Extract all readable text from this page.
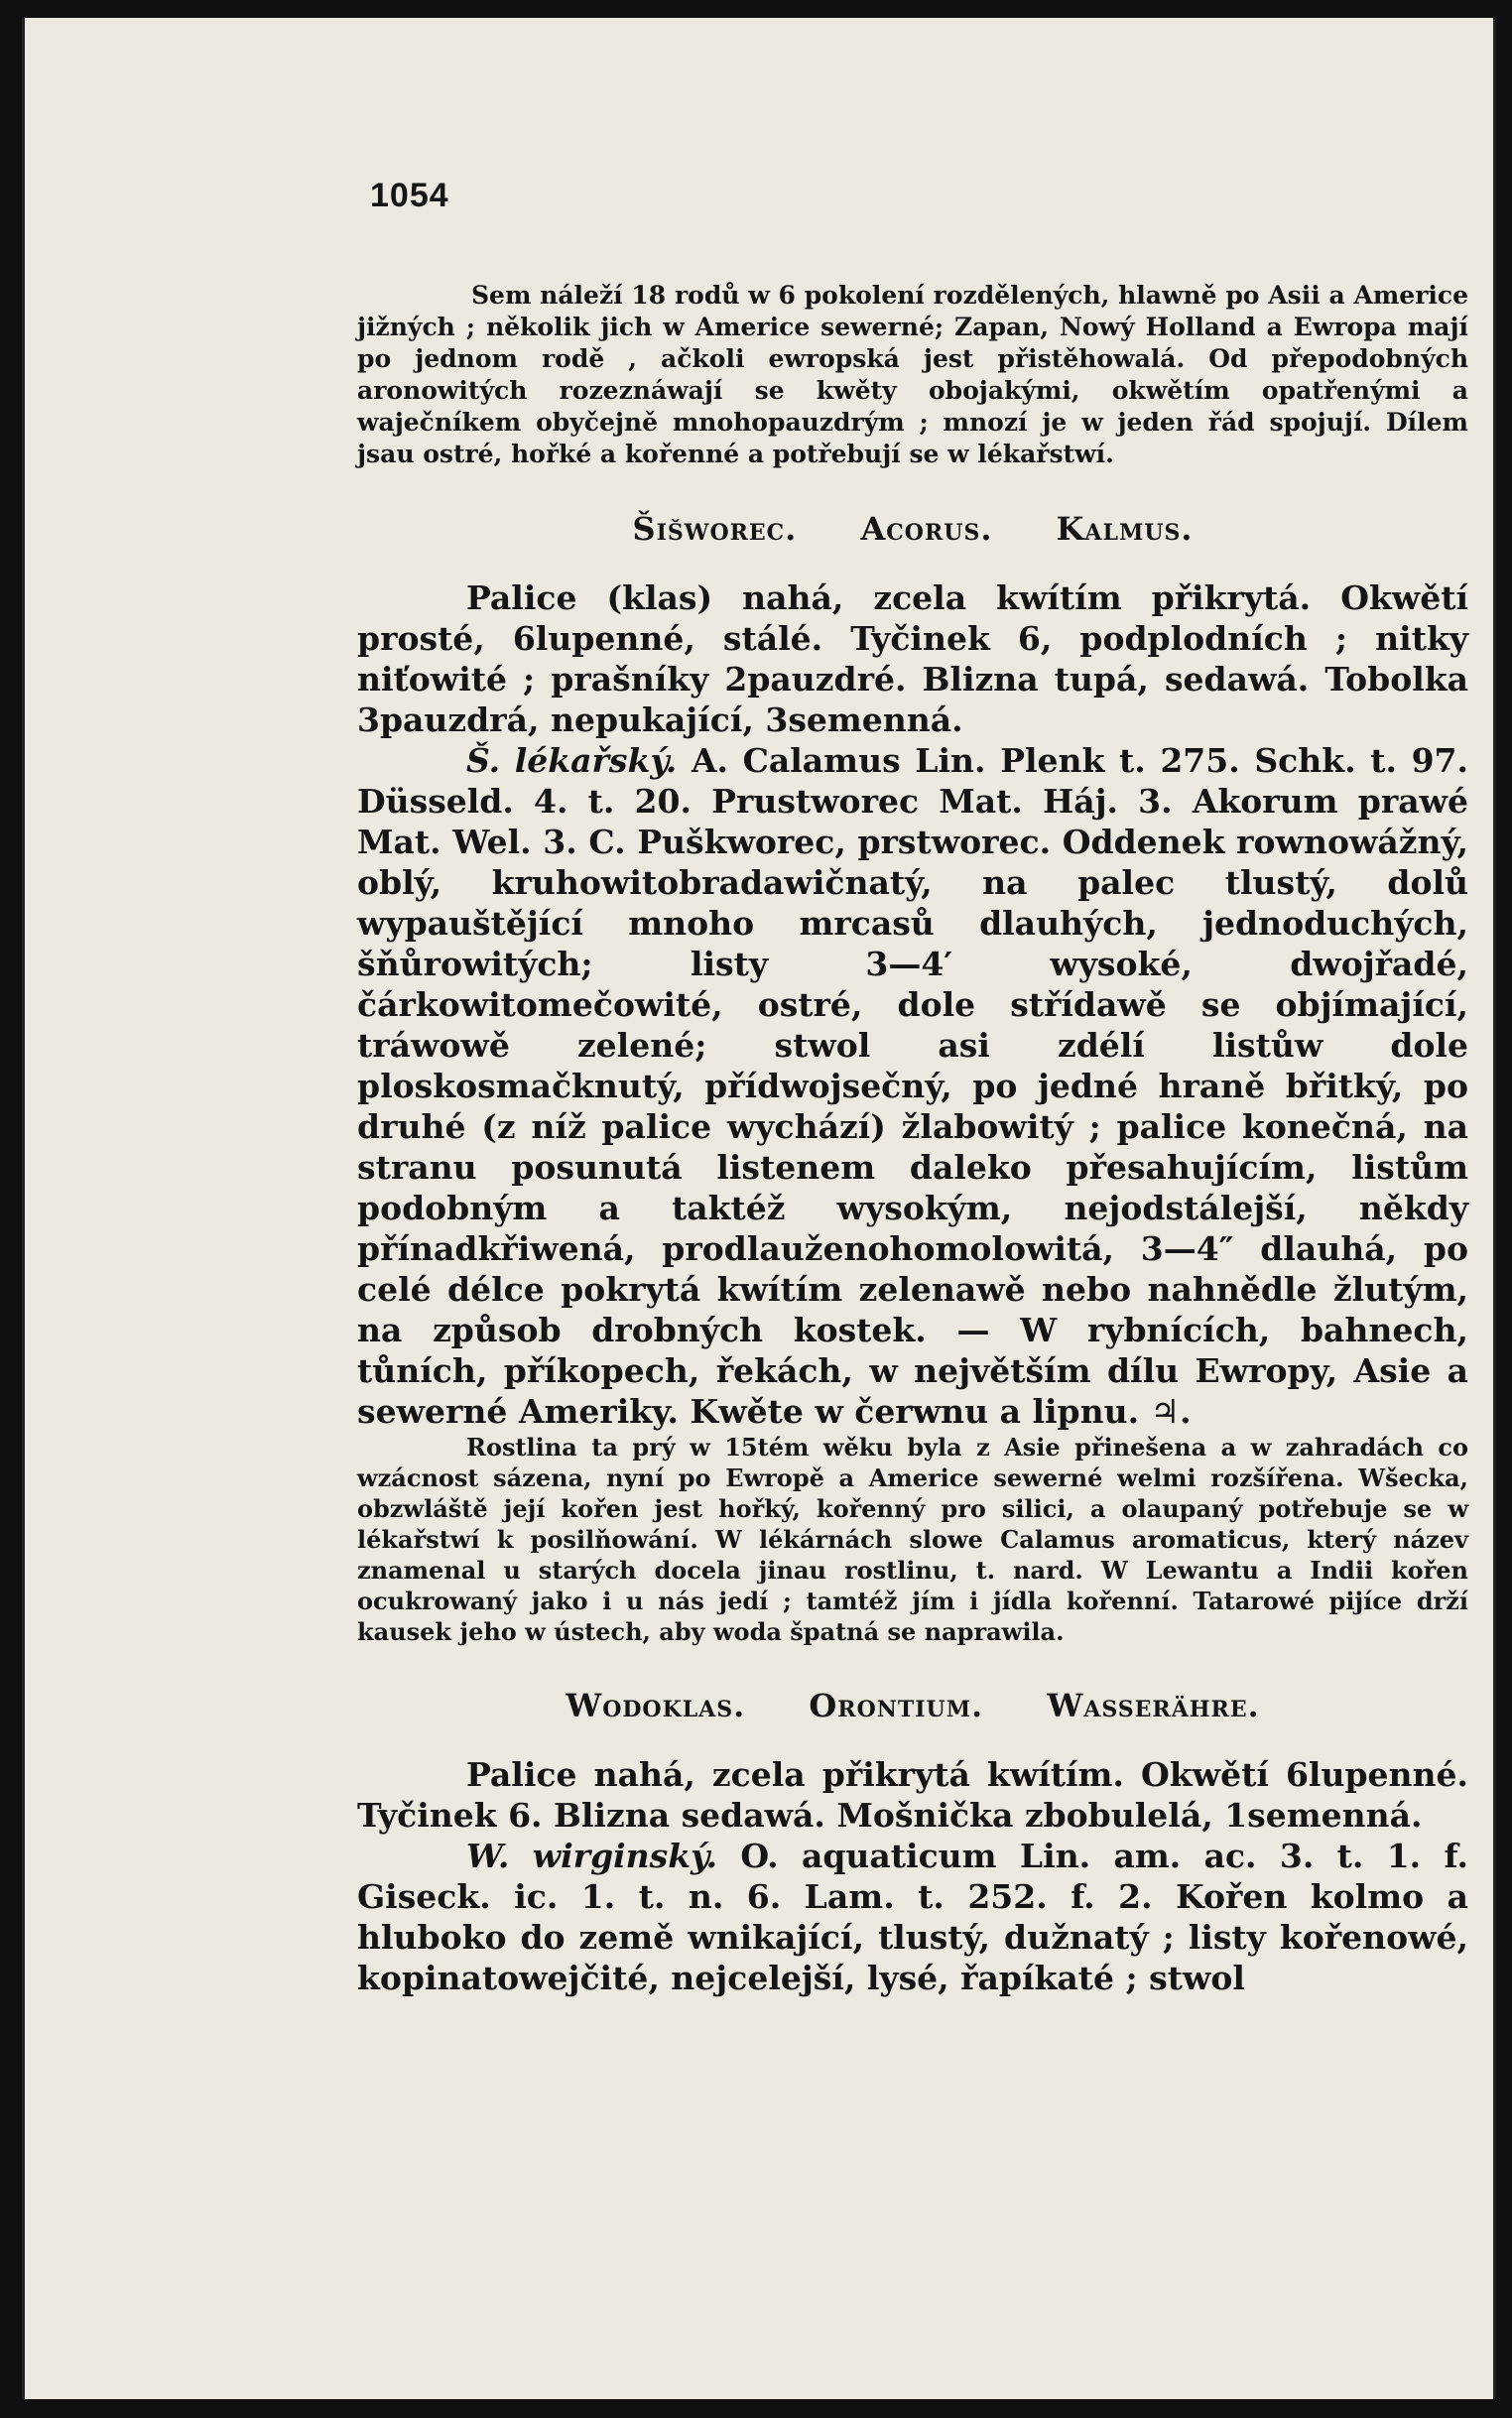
1054

Sem náleží 18 rodů w 6 pokolení rozdělených, hlawně po Asii a Americe jižných ; několik jich w Americe sewerné; Zapan, Nowý Holland a Ewropa mají po jednom rodě , ačkoli ewropská jest přistěhowalá. Od přepodobných aronowitých rozeznáwají se kwěty obojakými, okwětím opatřenými a waječníkem obyčejně mnohopauzdrým ; mnozí je w jeden řád spojují. Dílem jsau ostré, hořké a kořenné a potřebují se w lékařstwí.

Šišworec. Acorus. Kalmus.

Palice (klas) nahá, zcela kwítím přikrytá. Okwětí prosté, 6lupenné, stálé. Tyčinek 6, podplodních ; nitky niťowité ; prašníky 2pauzdré. Blizna tupá, sedawá. Tobolka 3pauzdrá, nepukající, 3semenná.

Š. lékařský. A. Calamus Lin. Plenk t. 275. Schk. t. 97. Düsseld. 4. t. 20. Prustworec Mat. Háj. 3. Akorum prawé Mat. Wel. 3. C. Puškworec, prstworec. Oddenek rownowážný, oblý, kruhowitobradawičnatý, na palec tlustý, dolů wypauštějící mnoho mrcasů dlauhých, jednoduchých, šňůrowitých; listy 3—4′ wysoké, dwojřadé, čárkowitomečowité, ostré, dole střídawě se objímající, tráwowě zelené; stwol asi zdélí listůw dole ploskosmačknutý, přídwojsečný, po jedné hraně břitký, po druhé (z níž palice wychází) žlabowitý ; palice konečná, na stranu posunutá listenem daleko přesahujícím, listům podobným a taktéž wysokým, nejodstálejší, někdy přínadkřiwená, prodlauženohomolowitá, 3—4″ dlauhá, po celé délce pokrytá kwítím zelenawě nebo nahnědle žlutým, na způsob drobných kostek. — W rybnících, bahnech, tůních, příkopech, řekách, w největším dílu Ewropy, Asie a sewerné Ameriky. Kwěte w čerwnu a lipnu. ♃.

Rostlina ta prý w 15tém wěku byla z Asie přinešena a w zahradách co wzácnost sázena, nyní po Ewropě a Americe sewerné welmi rozšířena. Wšecka, obzwláště její kořen jest hořký, kořenný pro silici, a olaupaný potřebuje se w lékařstwí k posilňowání. W lékárnách slowe Calamus aromaticus, který název znamenal u starých docela jinau rostlinu, t. nard. W Lewantu a Indii kořen ocukrowaný jako i u nás jedí ; tamtéž jím i jídla kořenní. Tatarowé pijíce drží kausek jeho w ústech, aby woda špatná se naprawila.

Wodoklas. Orontium. Wasserähre.

Palice nahá, zcela přikrytá kwítím. Okwětí 6lupenné. Tyčinek 6. Blizna sedawá. Mošnička zbobulelá, 1semenná.

W. wirginský. O. aquaticum Lin. am. ac. 3. t. 1. f. Giseck. ic. 1. t. n. 6. Lam. t. 252. f. 2. Kořen kolmo a hluboko do země wnikající, tlustý, dužnatý ; listy kořenowé, kopinatowejčité, nejcelejší, lysé, řapíkaté ; stwol
